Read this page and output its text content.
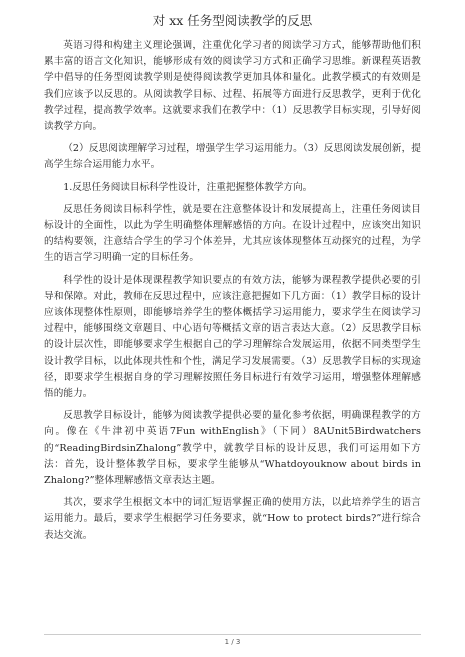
对 xx 任务型阅读教学的反思

英语习得和构建主义理论强调，注重优化学习者的阅读学习方式，能够帮助他们积累丰富的语言文化知识，能够形成有效的阅读学习方式和正确学习思维。新课程英语教学中倡导的任务型阅读教学则是使得阅读教学更加具体和量化。此教学模式的有效则是我们应该予以反思的。从阅读教学目标、过程、拓展等方面进行反思教学，更利于优化教学过程，提高教学效率。这就要求我们在教学中：（1）反思教学目标实现，引导好阅读教学方向。

（2）反思阅读理解学习过程，增强学生学习运用能力。（3）反思阅读发展创新，提高学生综合运用能力水平。

1.反思任务阅读目标科学性设计，注重把握整体教学方向。

反思任务阅读目标科学性，就是要在注意整体设计和发展提高上，注重任务阅读目标设计的全面性，以此为学生明确整体理解感悟的方向。在设计过程中，应该突出知识的结构要领，注意结合学生的学习个体差异，尤其应该体现整体互动探究的过程，为学生的语言学习明确一定的目标任务。

科学性的设计是体现课程教学知识要点的有效方法，能够为课程教学提供必要的引导和保障。对此，教师在反思过程中，应该注意把握如下几方面：（1）教学目标的设计应该体现整体性原则，即能够培养学生的整体概括学习运用能力，要求学生在阅读学习过程中，能够围绕文章题目、中心语句等概括文章的语言表达大意。（2）反思教学目标的设计层次性，即能够要求学生根据自己的学习理解综合发展运用，依据不同类型学生设计教学目标，以此体现共性和个性，满足学习发展需要。（3）反思教学目标的实现途径，即要求学生根据自身的学习理解按照任务目标进行有效学习运用，增强整体理解感悟的能力。

反思教学目标设计，能够为阅读教学提供必要的量化参考依据，明确课程教学的方向。像在《牛津初中英语7Fun withEnglish》（下同）8AUnit5Birdwatchers 的“ReadingBirdsinZhalong”教学中，就教学目标的设计反思，我们可运用如下方法：首先，设计整体教学目标，要求学生能够从“Whatdoyouknow about birds in Zhalong?”整体理解感悟文章表达主题。

其次，要求学生根据文本中的词汇短语掌握正确的使用方法，以此培养学生的语言运用能力。最后，要求学生根据学习任务要求，就“How to protect birds?”进行综合表达交流。

1 / 3
